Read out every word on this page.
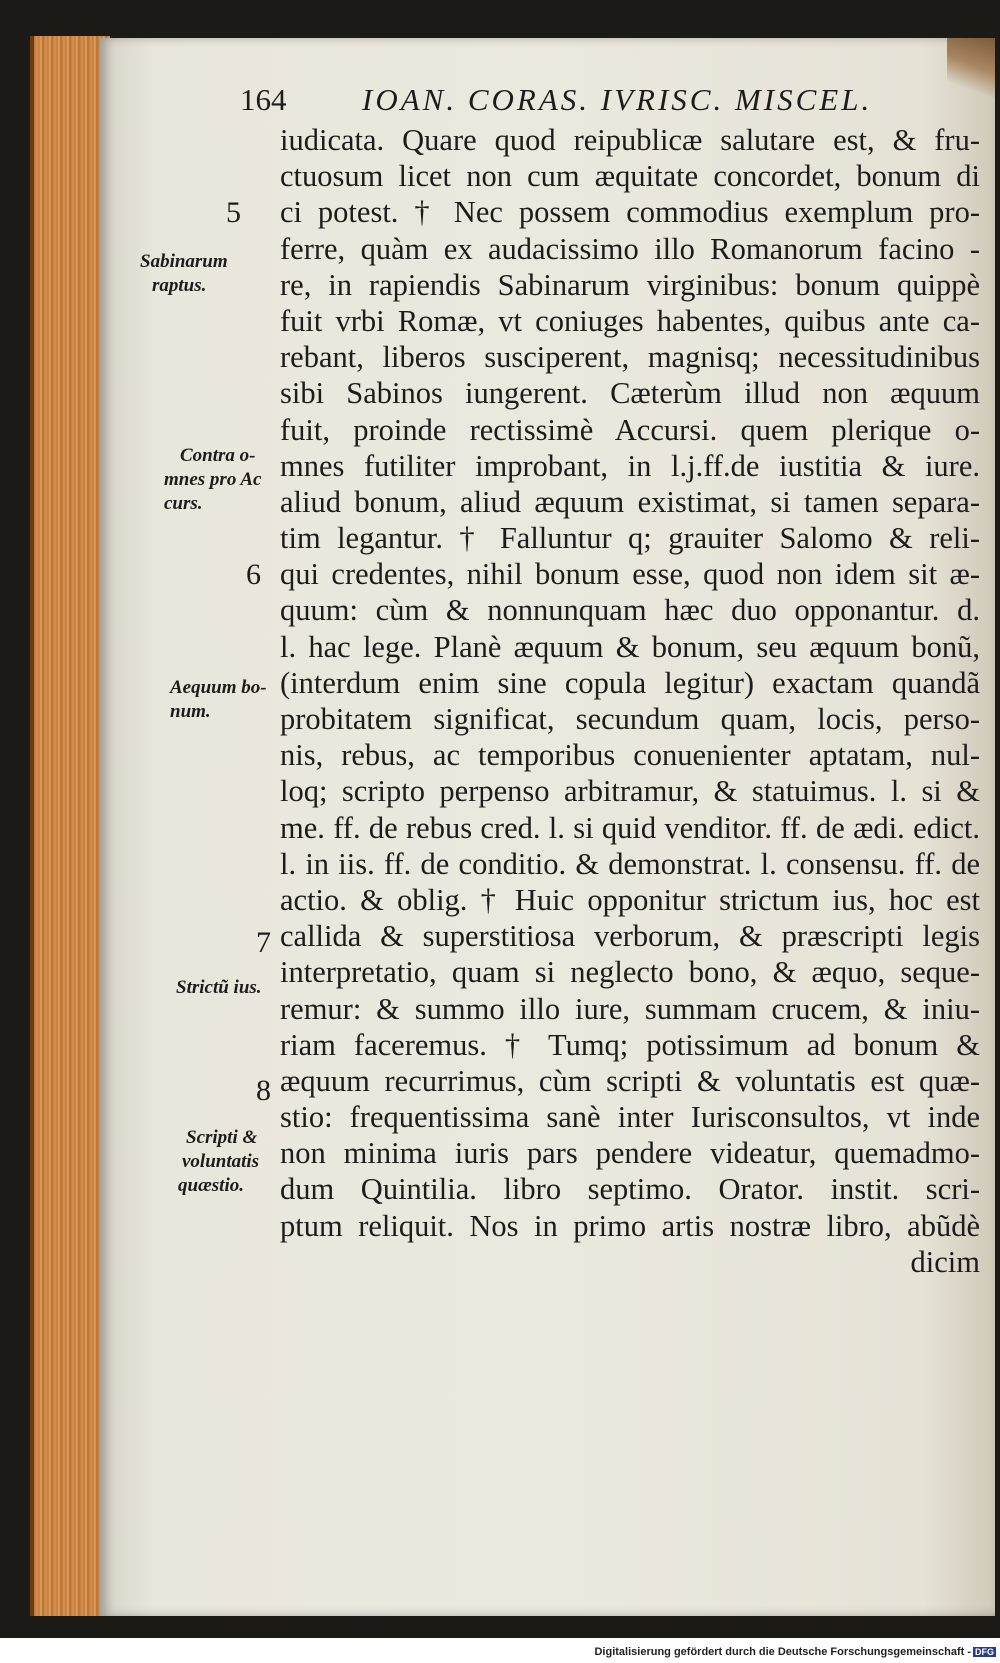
164 IOAN. CORAS. IVRISC. MISCEL.
iudicata. Quare quod reipublicæ salutare est, & fru-
ctuosum licet non cum æquitate concordet, bonum di
ci potest. † Nec possem commodius exemplum pro-
ferre, quàm ex audacissimo illo Romanorum facino -
re, in rapiendis Sabinarum virginibus: bonum quippè
fuit vrbi Romæ, vt coniuges habentes, quibus ante ca-
rebant, liberos susciperent, magnisq; necessitudinibus
sibi Sabinos iungerent. Cæterùm illud non æquum
fuit, proinde rectissimè Accursi. quem plerique o-
mnes futiliter improbant, in l.j.ff.de iustitia & iure.
aliud bonum, aliud æquum existimat, si tamen separa-
tim legantur. † Falluntur q; grauiter Salomo & reli-
qui credentes, nihil bonum esse, quod non idem sit æ-
quum: cùm & nonnunquam hæc duo opponantur. d.
l. hac lege. Planè æquum & bonum, seu æquum bonũ,
(interdum enim sine copula legitur) exactam quandã
probitatem significat, secundum quam, locis, perso-
nis, rebus, ac temporibus conuenienter aptatam, nul-
loq; scripto perpenso arbitramur, & statuimus. l. si &
me. ff. de rebus cred. l. si quid venditor. ff. de ædi. edict.
l. in iis. ff. de conditio. & demonstrat. l. consensu. ff. de
actio. & oblig. † Huic opponitur strictum ius, hoc est
callida & superstitiosa verborum, & præscripti legis
interpretatio, quam si neglecto bono, & æquo, seque-
remur: & summo illo iure, summam crucem, & iniu-
riam faceremus. † Tumq; potissimum ad bonum &
æquum recurrimus, cùm scripti & voluntatis est quæ-
stio: frequentissima sanè inter Iurisconsultos, vt inde
non minima iuris pars pendere videatur, quemadmo-
dum Quintilia. libro septimo. Orator. instit. scri-
ptum reliquit. Nos in primo artis nostræ libro, abũdè
dicim
5
6
7
8
Sabinarum
raptus.
Contra o-
mnes pro Ac
curs.
Aequum bo-
num.
Strictũ ius.
Scripti &
voluntatis
quæstio.
Digitalisierung gefördert durch die Deutsche Forschungsgemeinschaft - DFG
